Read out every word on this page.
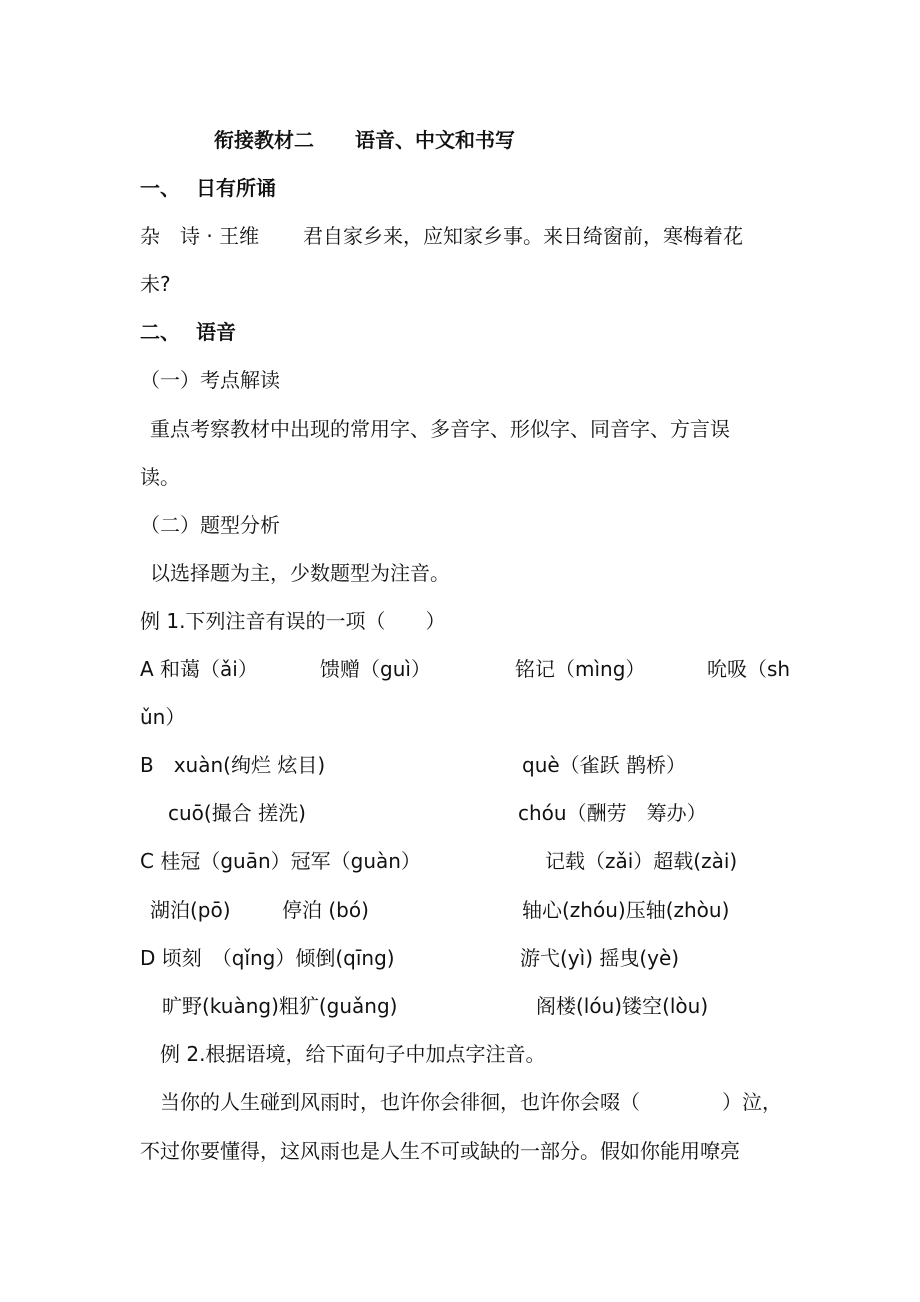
衔接教材二 语音、中文和书写
一、 日有所诵
杂　诗 · 王维 君自家乡来，应知家乡事。来日绮窗前，寒梅着花
未?
二、 语音
（一）考点解读
重点考察教材中出现的常用字、多音字、形似字、同音字、方言误
读。
（二）题型分析
以选择题为主，少数题型为注音。
例 1.下列注音有误的一项（　　）
A 和蔼（ǎi）	馈赠（guì）	铭记（mìng）	吮吸（sh
ǔn）
B　xuàn(绚烂 炫目)	què（雀跃 鹊桥）
cuō(撮合 搓洗)	chóu（酬劳　筹办）
C 桂冠（guān）冠军（guàn）	记载（zǎi）超载(zài)
湖泊(pō)	停泊 (bó)	轴心(zhóu)压轴(zhòu)
D 顷刻　（qǐng）倾倒(qīng)	游弋(yì) 摇曳(yè)
旷野(kuàng)粗犷(guǎng)	阁楼(lóu)镂空(lòu)
例 2.根据语境，给下面句子中加点字注音。
当你的人生碰到风雨时，也许你会徘徊，也许你会啜（	）泣，
不过你要懂得，这风雨也是人生不可或缺的一部分。假如你能用嘹亮
